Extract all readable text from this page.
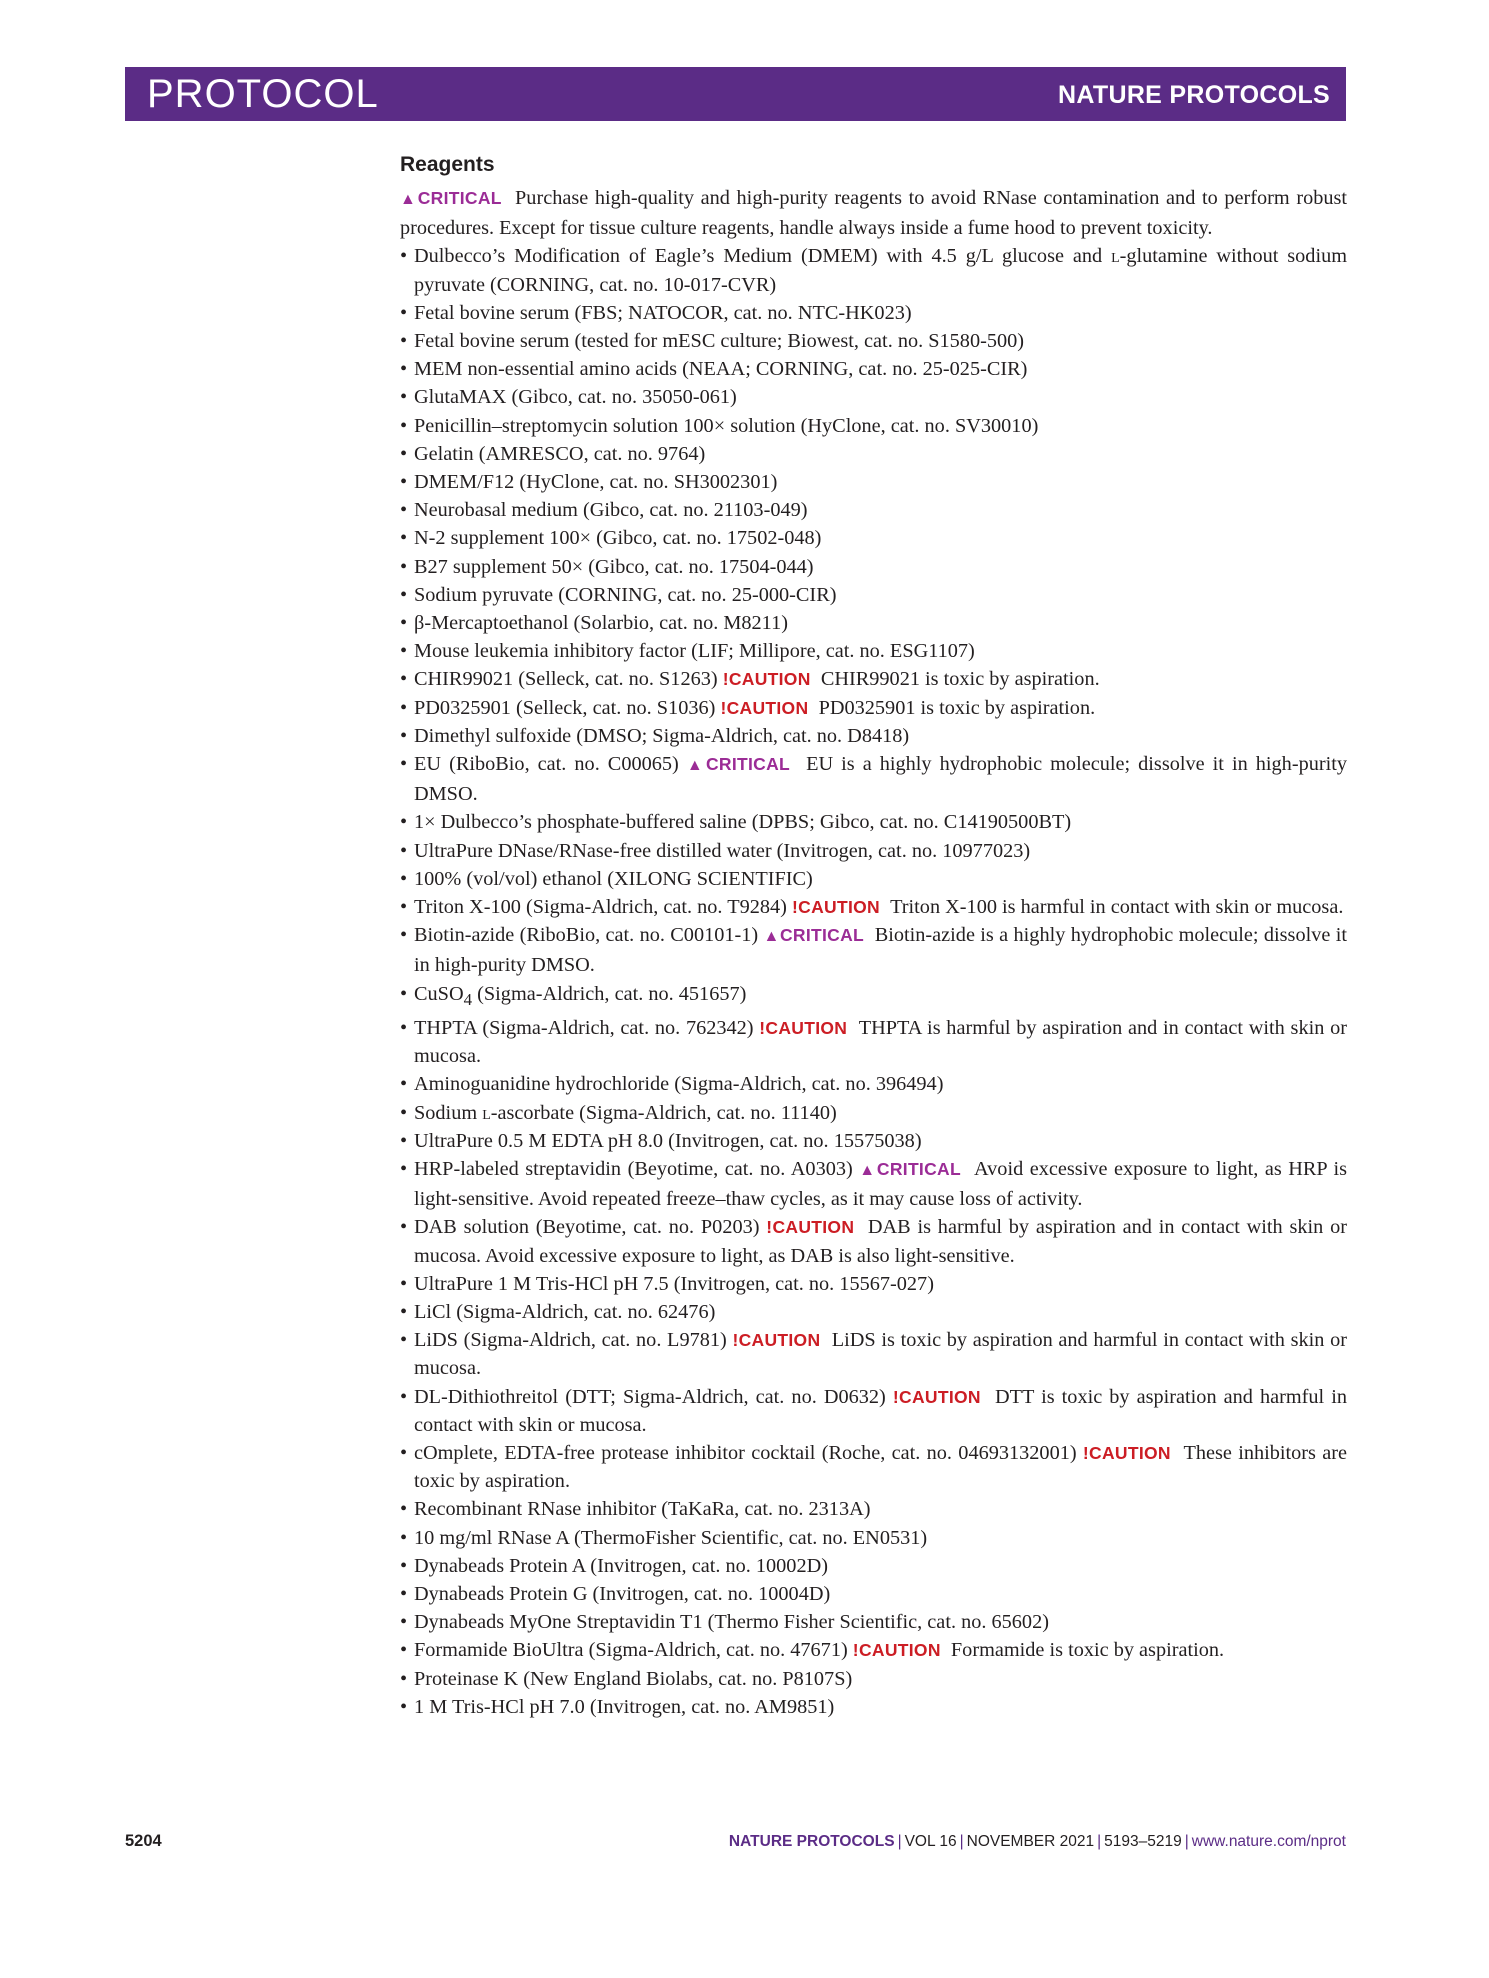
PROTOCOL	NATURE PROTOCOLS
Reagents

▲CRITICAL Purchase high-quality and high-purity reagents to avoid RNase contamination and to perform robust procedures. Except for tissue culture reagents, handle always inside a fume hood to prevent toxicity.

• Dulbecco’s Modification of Eagle’s Medium (DMEM) with 4.5 g/L glucose and l-glutamine without sodium pyruvate (CORNING, cat. no. 10-017-CVR)
• Fetal bovine serum (FBS; NATOCOR, cat. no. NTC-HK023)
• Fetal bovine serum (tested for mESC culture; Biowest, cat. no. S1580-500)
• MEM non-essential amino acids (NEAA; CORNING, cat. no. 25-025-CIR)
• GlutaMAX (Gibco, cat. no. 35050-061)
• Penicillin–streptomycin solution 100× solution (HyClone, cat. no. SV30010)
• Gelatin (AMRESCO, cat. no. 9764)
• DMEM/F12 (HyClone, cat. no. SH3002301)
• Neurobasal medium (Gibco, cat. no. 21103-049)
• N-2 supplement 100× (Gibco, cat. no. 17502-048)
• B27 supplement 50× (Gibco, cat. no. 17504-044)
• Sodium pyruvate (CORNING, cat. no. 25-000-CIR)
• β-Mercaptoethanol (Solarbio, cat. no. M8211)
• Mouse leukemia inhibitory factor (LIF; Millipore, cat. no. ESG1107)
• CHIR99021 (Selleck, cat. no. S1263) !CAUTION CHIR99021 is toxic by aspiration.
• PD0325901 (Selleck, cat. no. S1036) !CAUTION PD0325901 is toxic by aspiration.
• Dimethyl sulfoxide (DMSO; Sigma-Aldrich, cat. no. D8418)
• EU (RiboBio, cat. no. C00065) ▲CRITICAL EU is a highly hydrophobic molecule; dissolve it in high-purity DMSO.
• 1× Dulbecco’s phosphate-buffered saline (DPBS; Gibco, cat. no. C14190500BT)
• UltraPure DNase/RNase-free distilled water (Invitrogen, cat. no. 10977023)
• 100% (vol/vol) ethanol (XILONG SCIENTIFIC)
• Triton X-100 (Sigma-Aldrich, cat. no. T9284) !CAUTION Triton X-100 is harmful in contact with skin or mucosa.
• Biotin-azide (RiboBio, cat. no. C00101-1) ▲CRITICAL Biotin-azide is a highly hydrophobic molecule; dissolve it in high-purity DMSO.
• CuSO$_4$ (Sigma-Aldrich, cat. no. 451657)
• THPTA (Sigma-Aldrich, cat. no. 762342) !CAUTION THPTA is harmful by aspiration and in contact with skin or mucosa.
• Aminoguanidine hydrochloride (Sigma-Aldrich, cat. no. 396494)
• Sodium l-ascorbate (Sigma-Aldrich, cat. no. 11140)
• UltraPure 0.5 M EDTA pH 8.0 (Invitrogen, cat. no. 15575038)
• HRP-labeled streptavidin (Beyotime, cat. no. A0303) ▲CRITICAL Avoid excessive exposure to light, as HRP is light-sensitive. Avoid repeated freeze–thaw cycles, as it may cause loss of activity.
• DAB solution (Beyotime, cat. no. P0203) !CAUTION DAB is harmful by aspiration and in contact with skin or mucosa. Avoid excessive exposure to light, as DAB is also light-sensitive.
• UltraPure 1 M Tris-HCl pH 7.5 (Invitrogen, cat. no. 15567-027)
• LiCl (Sigma-Aldrich, cat. no. 62476)
• LiDS (Sigma-Aldrich, cat. no. L9781) !CAUTION LiDS is toxic by aspiration and harmful in contact with skin or mucosa.
• DL-Dithiothreitol (DTT; Sigma-Aldrich, cat. no. D0632) !CAUTION DTT is toxic by aspiration and harmful in contact with skin or mucosa.
• cOmplete, EDTA-free protease inhibitor cocktail (Roche, cat. no. 04693132001) !CAUTION These inhibitors are toxic by aspiration.
• Recombinant RNase inhibitor (TaKaRa, cat. no. 2313A)
• 10 mg/ml RNase A (ThermoFisher Scientific, cat. no. EN0531)
• Dynabeads Protein A (Invitrogen, cat. no. 10002D)
• Dynabeads Protein G (Invitrogen, cat. no. 10004D)
• Dynabeads MyOne Streptavidin T1 (Thermo Fisher Scientific, cat. no. 65602)
• Formamide BioUltra (Sigma-Aldrich, cat. no. 47671) !CAUTION Formamide is toxic by aspiration.
• Proteinase K (New England Biolabs, cat. no. P8107S)
• 1 M Tris-HCl pH 7.0 (Invitrogen, cat. no. AM9851)
5204	NATURE PROTOCOLS | VOL 16 | NOVEMBER 2021 | 5193–5219 | www.nature.com/nprot
